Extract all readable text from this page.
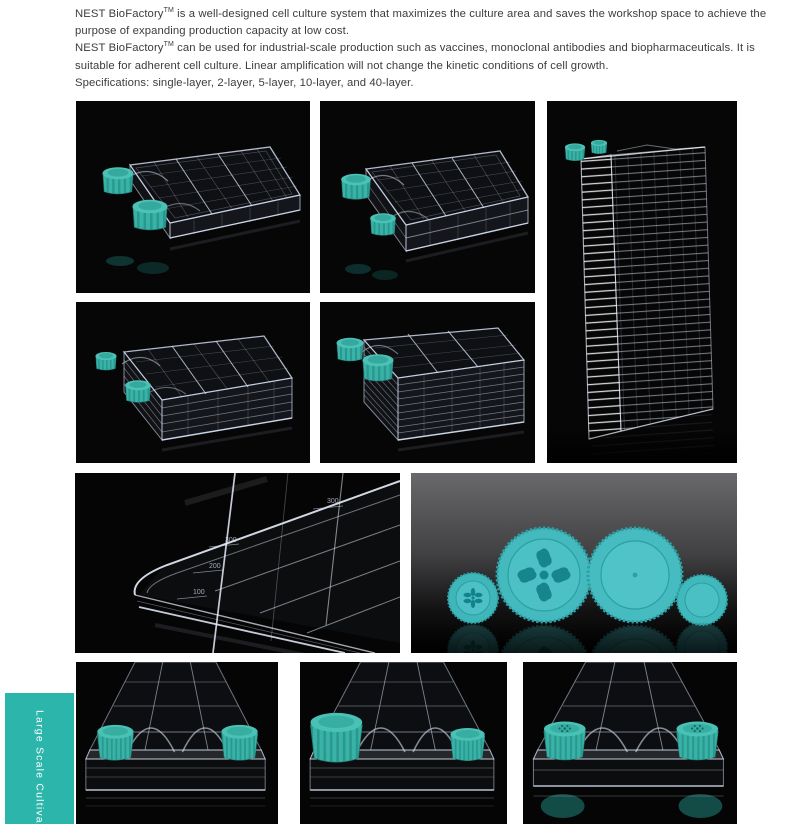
NEST BioFactory™ is a well-designed cell culture system that maximizes the culture area and saves the workshop space to achieve the
purpose of expanding production capacity at low cost.
NEST BioFactory™ can be used for industrial-scale production such as vaccines, monoclonal antibodies and biopharmaceuticals. It is
suitable for adherent cell culture. Linear amplification will not change the kinetic conditions of cell growth.
Specifications: single-layer, 2-layer, 5-layer, 10-layer, and 40-layer.
100
200
300
300
Large Scale Cultiva
